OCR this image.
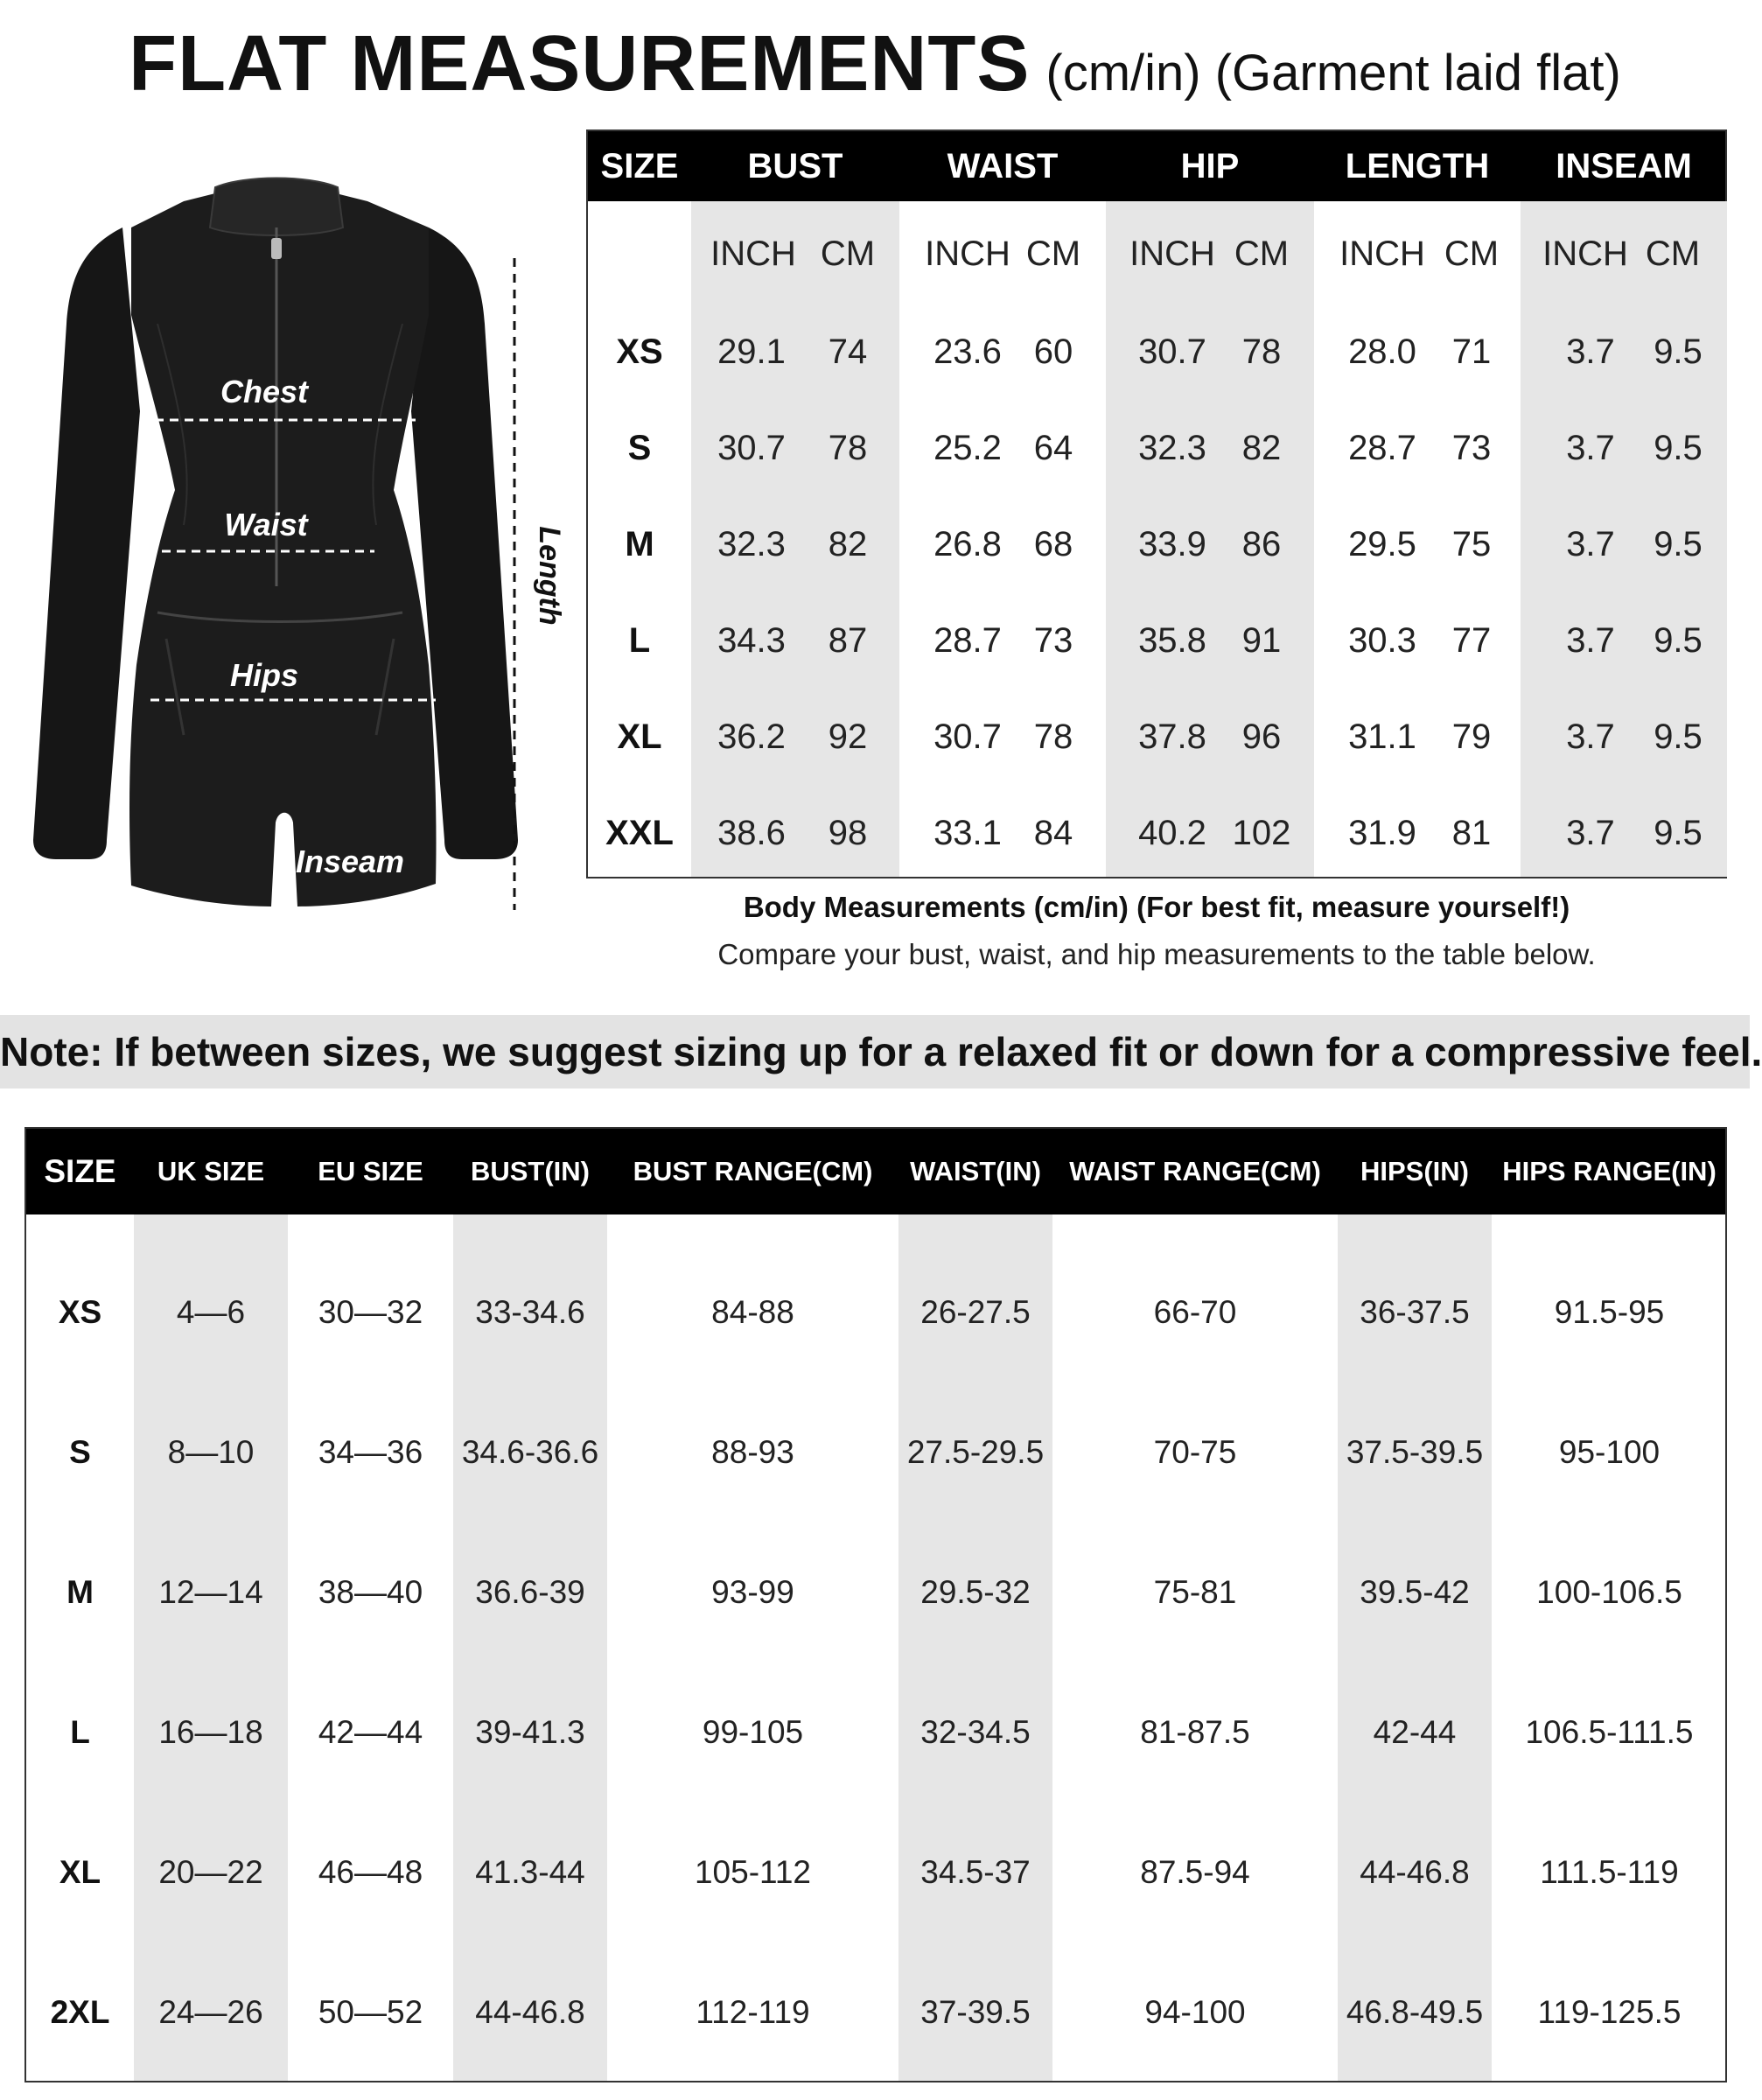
FLAT MEASUREMENTS (cm/in) (Garment laid flat)
Chest
Waist
Hips
Inseam
Length
SIZE	BUST	WAIST	HIP	LENGTH	INSEAM
INCH CM	INCH CM	INCH CM	INCH CM	INCH CM
XS	29.1	74	23.6 60	30.7	78	28.0	71	3.7	9.5
S	30.7	78	25.2 64	32.3	82	28.7	73	3.7	9.5
M	32.3	82	26.8 68	33.9	86	29.5	75	3.7	9.5
L	34.3	87	28.7 73	35.8	91	30.3	77	3.7	9.5
XL	36.2	92	30.7 78	37.8	96	31.1	79	3.7	9.5
XXL	38.6	98	33.1 84	40.2 102	31.9	81	3.7	9.5
Body Measurements (cm/in) (For best fit, measure yourself!)
Compare your bust, waist, and hip measurements to the table below.
Note: If between sizes, we suggest sizing up for a relaxed fit or down for a compressive feel.
SIZE	UK SIZE	EU SIZE	BUST(IN)	BUST RANGE(CM)	WAIST(IN)	WAIST RANGE(CM)	HIPS(IN)	HIPS RANGE(IN)
XS	4—6	30—32	33-34.6	84-88	26-27.5	66-70	36-37.5	91.5-95
S	8—10	34—36	34.6-36.6	88-93	27.5-29.5	70-75	37.5-39.5	95-100
M	12—14	38—40	36.6-39	93-99	29.5-32	75-81	39.5-42	100-106.5
L	16—18	42—44	39-41.3	99-105	32-34.5	81-87.5	42-44	106.5-111.5
XL	20—22	46—48	41.3-44	105-112	34.5-37	87.5-94	44-46.8	111.5-119
2XL	24—26	50—52	44-46.8	112-119	37-39.5	94-100	46.8-49.5	119-125.5
